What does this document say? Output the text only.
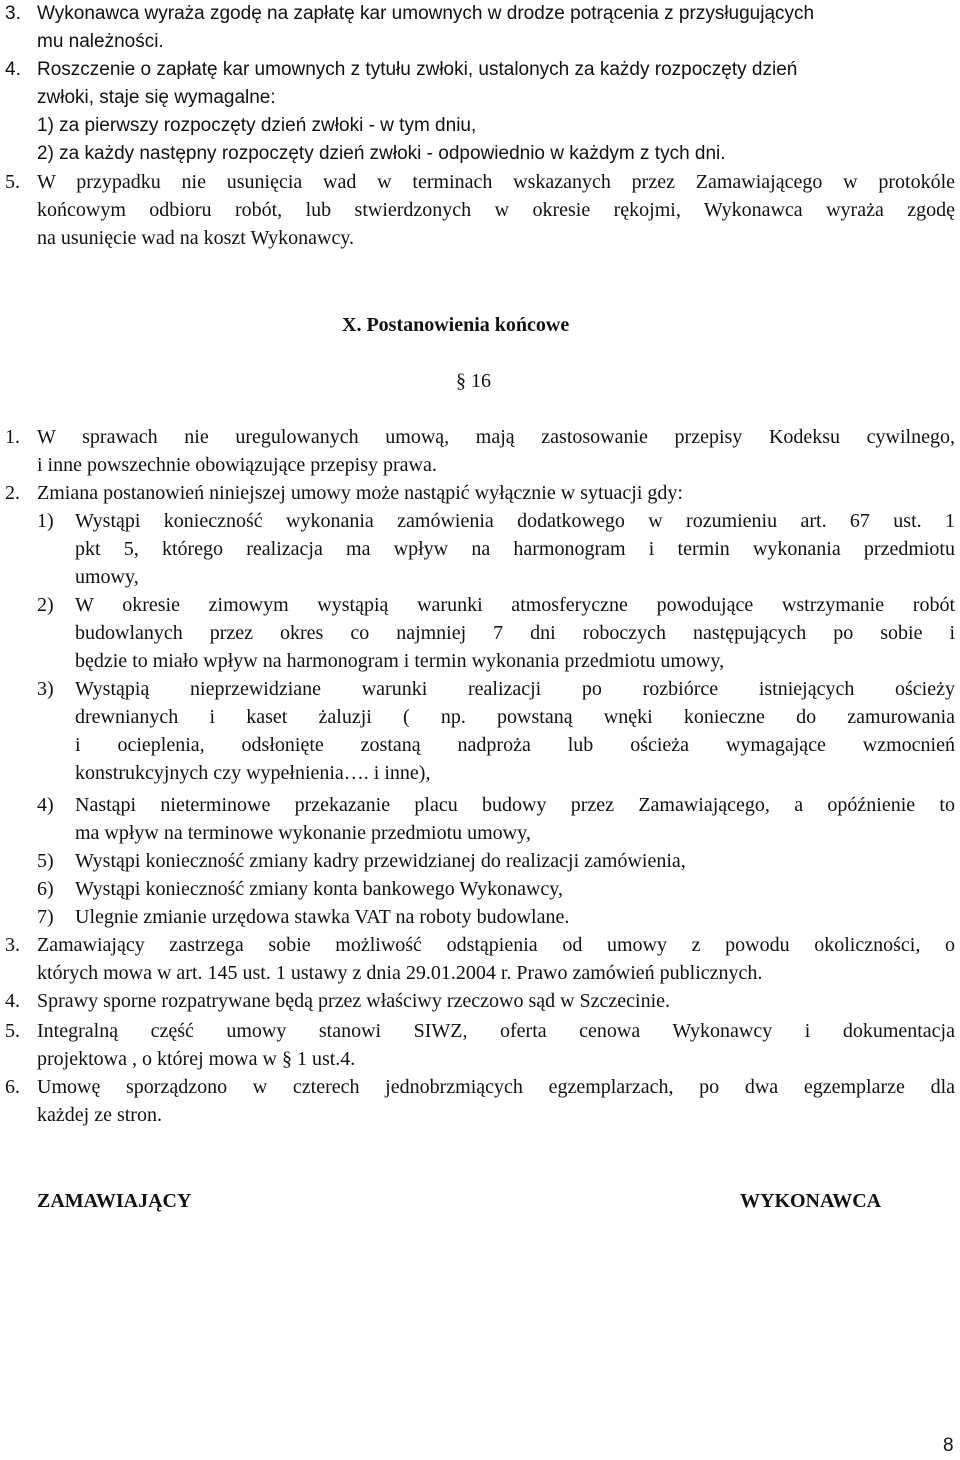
3. Wykonawca wyraża zgodę na zapłatę kar umownych w drodze potrącenia z przysługujących
mu należności.
4. Roszczenie o zapłatę kar umownych z tytułu zwłoki, ustalonych za każdy rozpoczęty dzień
zwłoki, staje się wymagalne:
1) za pierwszy rozpoczęty dzień zwłoki - w tym dniu,
2) za każdy następny rozpoczęty dzień zwłoki - odpowiednio w każdym z tych dni.
5. W przypadku nie usunięcia wad w terminach wskazanych przez Zamawiającego w protokóle
końcowym odbioru robót, lub stwierdzonych w okresie rękojmi, Wykonawca wyraża zgodę
na usunięcie wad na koszt Wykonawcy.
X. Postanowienia końcowe
§ 16
1. W sprawach nie uregulowanych umową, mają zastosowanie przepisy Kodeksu cywilnego,
i inne powszechnie obowiązujące przepisy prawa.
2. Zmiana postanowień niniejszej umowy może nastąpić wyłącznie w sytuacji gdy:
1) Wystąpi konieczność wykonania zamówienia dodatkowego w rozumieniu art. 67 ust. 1
pkt 5, którego realizacja ma wpływ na harmonogram i termin wykonania przedmiotu
umowy,
2) W okresie zimowym wystąpią warunki atmosferyczne powodujące wstrzymanie robót
budowlanych przez okres co najmniej 7 dni roboczych następujących po sobie i
będzie to miało wpływ na harmonogram i termin wykonania przedmiotu umowy,
3) Wystąpią nieprzewidziane warunki realizacji po rozbiórce istniejących ościeży
drewnianych i kaset żaluzji ( np. powstaną wnęki konieczne do zamurowania
i ocieplenia, odsłonięte zostaną nadproża lub ościeża wymagające wzmocnień
konstrukcyjnych czy wypełnienia…. i inne),
4) Nastąpi nieterminowe przekazanie placu budowy przez Zamawiającego, a opóźnienie to
ma wpływ na terminowe wykonanie przedmiotu umowy,
5) Wystąpi konieczność zmiany kadry przewidzianej do realizacji zamówienia,
6) Wystąpi konieczność zmiany konta bankowego Wykonawcy,
7) Ulegnie zmianie urzędowa stawka VAT na roboty budowlane.
3. Zamawiający zastrzega sobie możliwość odstąpienia od umowy z powodu okoliczności, o
których mowa w art. 145 ust. 1 ustawy z dnia 29.01.2004 r. Prawo zamówień publicznych.
4. Sprawy sporne rozpatrywane będą przez właściwy rzeczowo sąd w Szczecinie.
5. Integralną część umowy stanowi SIWZ, oferta cenowa Wykonawcy i dokumentacja
projektowa , o której mowa w § 1 ust.4.
6. Umowę sporządzono w czterech jednobrzmiących egzemplarzach, po dwa egzemplarze dla
każdej ze stron.
ZAMAWIAJĄCY	WYKONAWCA
8
